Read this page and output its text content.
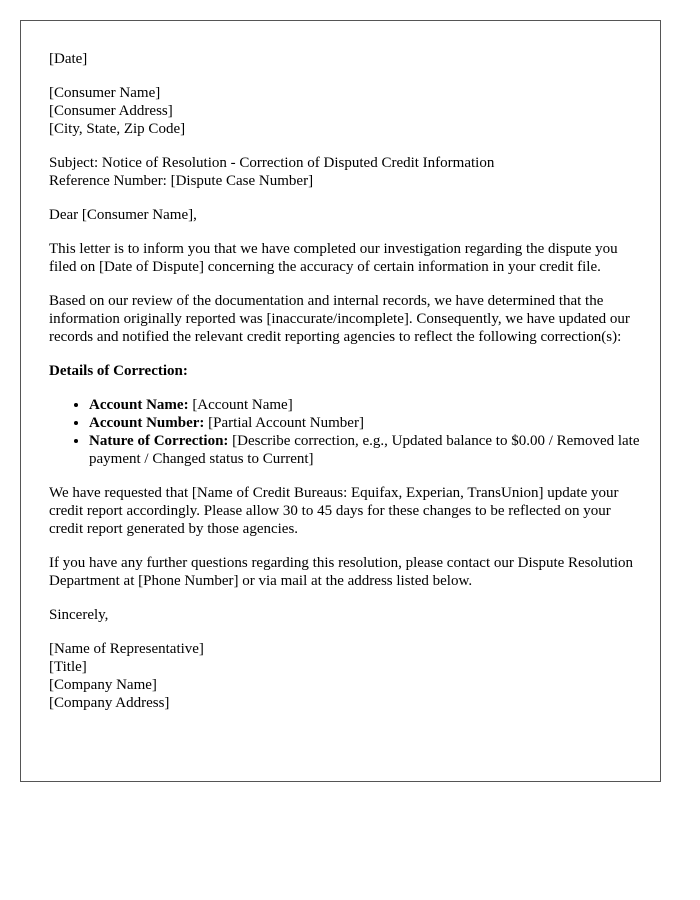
[Date]
[Consumer Name]
[Consumer Address]
[City, State, Zip Code]
Subject: Notice of Resolution - Correction of Disputed Credit Information
Reference Number: [Dispute Case Number]
Dear [Consumer Name],

This letter is to inform you that we have completed our investigation regarding the dispute you filed on [Date of Dispute] concerning the accuracy of certain information in your credit file.

Based on our review of the documentation and internal records, we have determined that the information originally reported was [inaccurate/incomplete]. Consequently, we have updated our records and notified the relevant credit reporting agencies to reflect the following correction(s):

Details of Correction:
• Account Name: [Account Name]
• Account Number: [Partial Account Number]
• Nature of Correction: [Describe correction, e.g., Updated balance to $0.00 / Removed late payment / Changed status to Current]

We have requested that [Name of Credit Bureaus: Equifax, Experian, TransUnion] update your credit report accordingly. Please allow 30 to 45 days for these changes to be reflected on your credit report generated by those agencies.

If you have any further questions regarding this resolution, please contact our Dispute Resolution Department at [Phone Number] or via mail at the address listed below.

Sincerely,
[Name of Representative]
[Title]
[Company Name]
[Company Address]
